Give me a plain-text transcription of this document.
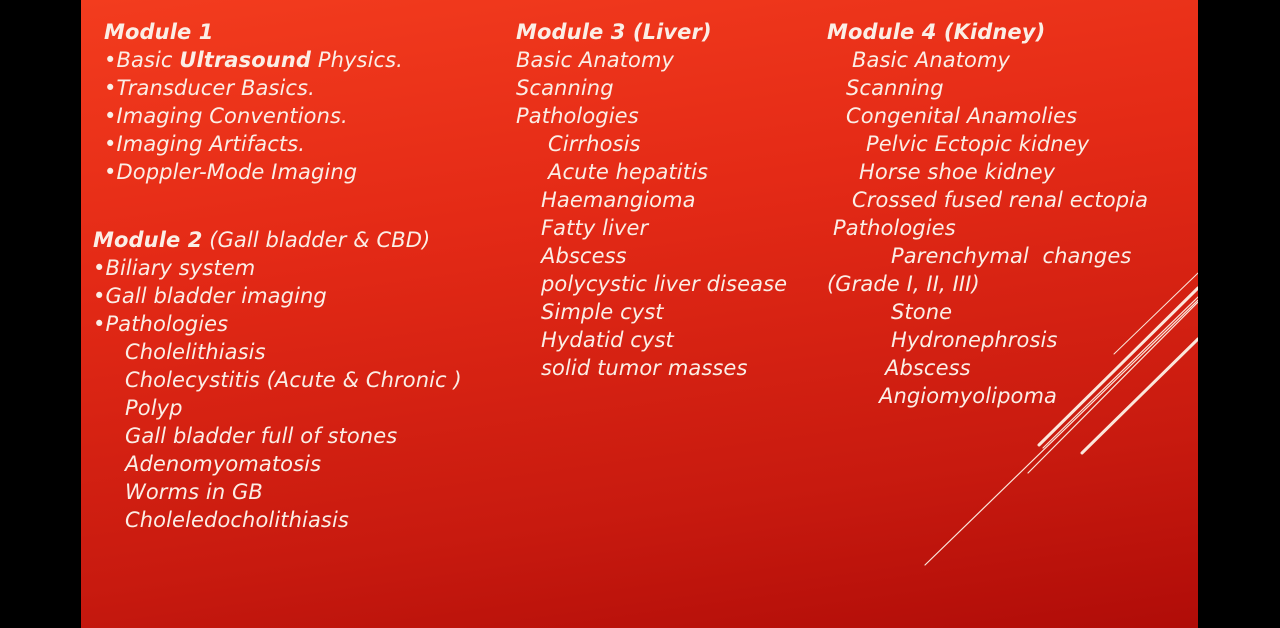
Module 1
•Basic Ultrasound Physics.
•Transducer Basics.
•Imaging Conventions.
•Imaging Artifacts.
•Doppler-Mode Imaging
Module 2 (Gall bladder & CBD)
•Biliary system
•Gall bladder imaging
•Pathologies
Cholelithiasis
Cholecystitis (Acute & Chronic )
Polyp
Gall bladder full of stones
Adenomyomatosis
Worms in GB
Choleledocholithiasis
Module 3 (Liver)
Basic Anatomy
Scanning
Pathologies
Cirrhosis
Acute hepatitis
Haemangioma
Fatty liver
Abscess
polycystic liver disease
Simple cyst
Hydatid cyst
solid tumor masses
Module 4 (Kidney)
Basic Anatomy
Scanning
Congenital Anamolies
Pelvic Ectopic kidney
Horse shoe kidney
Crossed fused renal ectopia
Pathologies
Parenchymal  changes
(Grade I, II, III)
Stone
Hydronephrosis
Abscess
Angiomyolipoma
